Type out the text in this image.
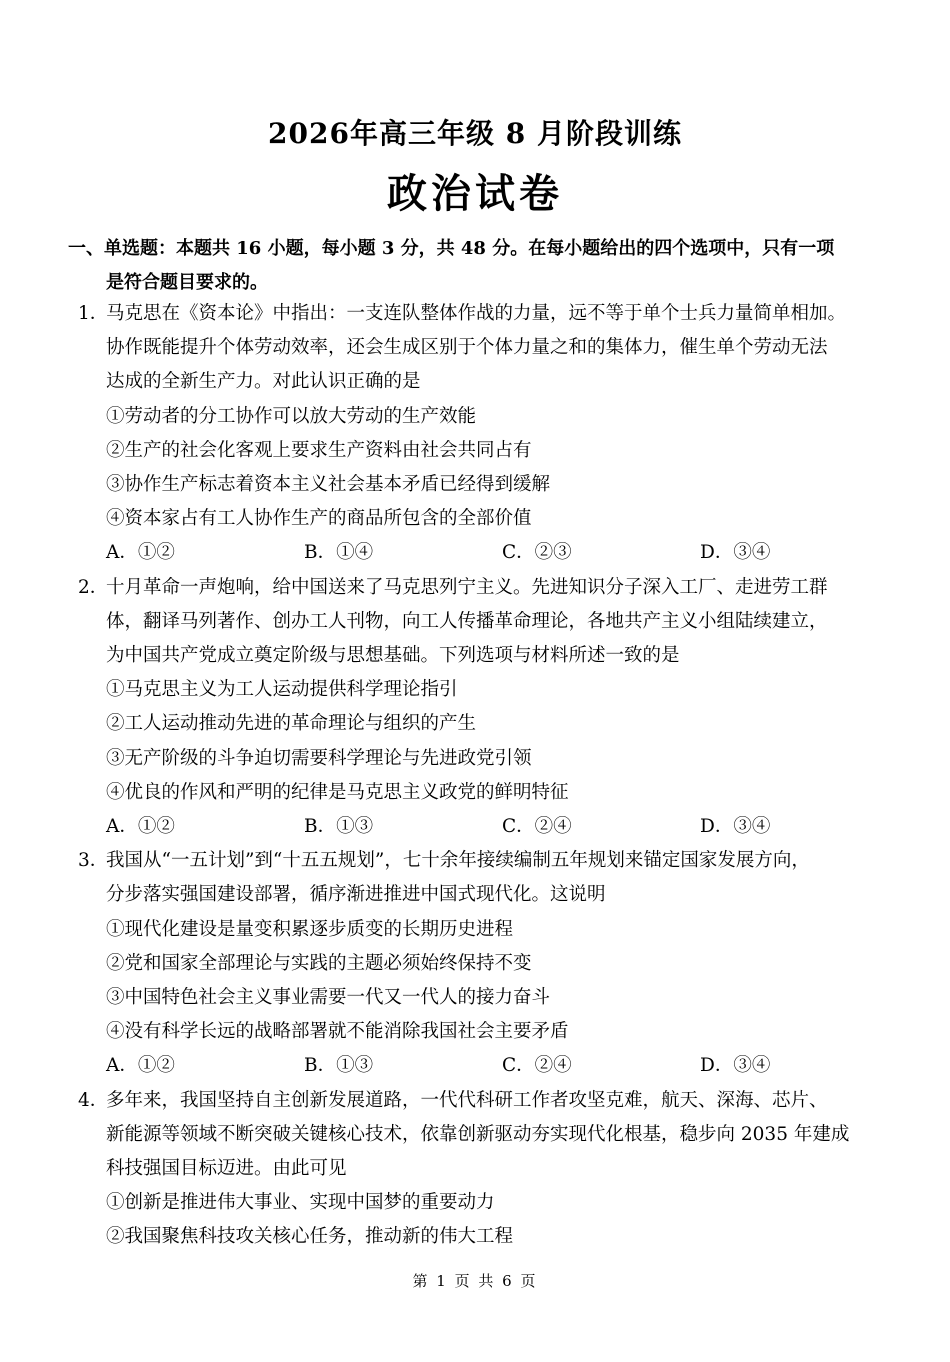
2026年高三年级 8 月阶段训练
政治试卷
一、单选题：本题共 16 小题，每小题 3 分，共 48 分。在每小题给出的四个选项中，只有一项
是符合题目要求的。
1．
马克思在《资本论》中指出：一支连队整体作战的力量，远不等于单个士兵力量简单相加。
协作既能提升个体劳动效率，还会生成区别于个体力量之和的集体力，催生单个劳动无法
达成的全新生产力。对此认识正确的是
①劳动者的分工协作可以放大劳动的生产效能
②生产的社会化客观上要求生产资料由社会共同占有
③协作生产标志着资本主义社会基本矛盾已经得到缓解
④资本家占有工人协作生产的商品所包含的全部价值
A．①②	B．①④	C．②③	D．③④
2．
十月革命一声炮响，给中国送来了马克思列宁主义。先进知识分子深入工厂、走进劳工群
体，翻译马列著作、创办工人刊物，向工人传播革命理论，各地共产主义小组陆续建立，
为中国共产党成立奠定阶级与思想基础。下列选项与材料所述一致的是
①马克思主义为工人运动提供科学理论指引
②工人运动推动先进的革命理论与组织的产生
③无产阶级的斗争迫切需要科学理论与先进政党引领
④优良的作风和严明的纪律是马克思主义政党的鲜明特征
A．①②	B．①③	C．②④	D．③④
3．
我国从“一五计划”到“十五五规划”，七十余年接续编制五年规划来锚定国家发展方向，
分步落实强国建设部署，循序渐进推进中国式现代化。这说明
①现代化建设是量变积累逐步质变的长期历史进程
②党和国家全部理论与实践的主题必须始终保持不变
③中国特色社会主义事业需要一代又一代人的接力奋斗
④没有科学长远的战略部署就不能消除我国社会主要矛盾
A．①②	B．①③	C．②④	D．③④
4．
多年来，我国坚持自主创新发展道路，一代代科研工作者攻坚克难，航天、深海、芯片、
新能源等领域不断突破关键核心技术，依靠创新驱动夯实现代化根基，稳步向 2035 年建成
科技强国目标迈进。由此可见
①创新是推进伟大事业、实现中国梦的重要动力
②我国聚焦科技攻关核心任务，推动新的伟大工程
第 1 页 共 6 页
